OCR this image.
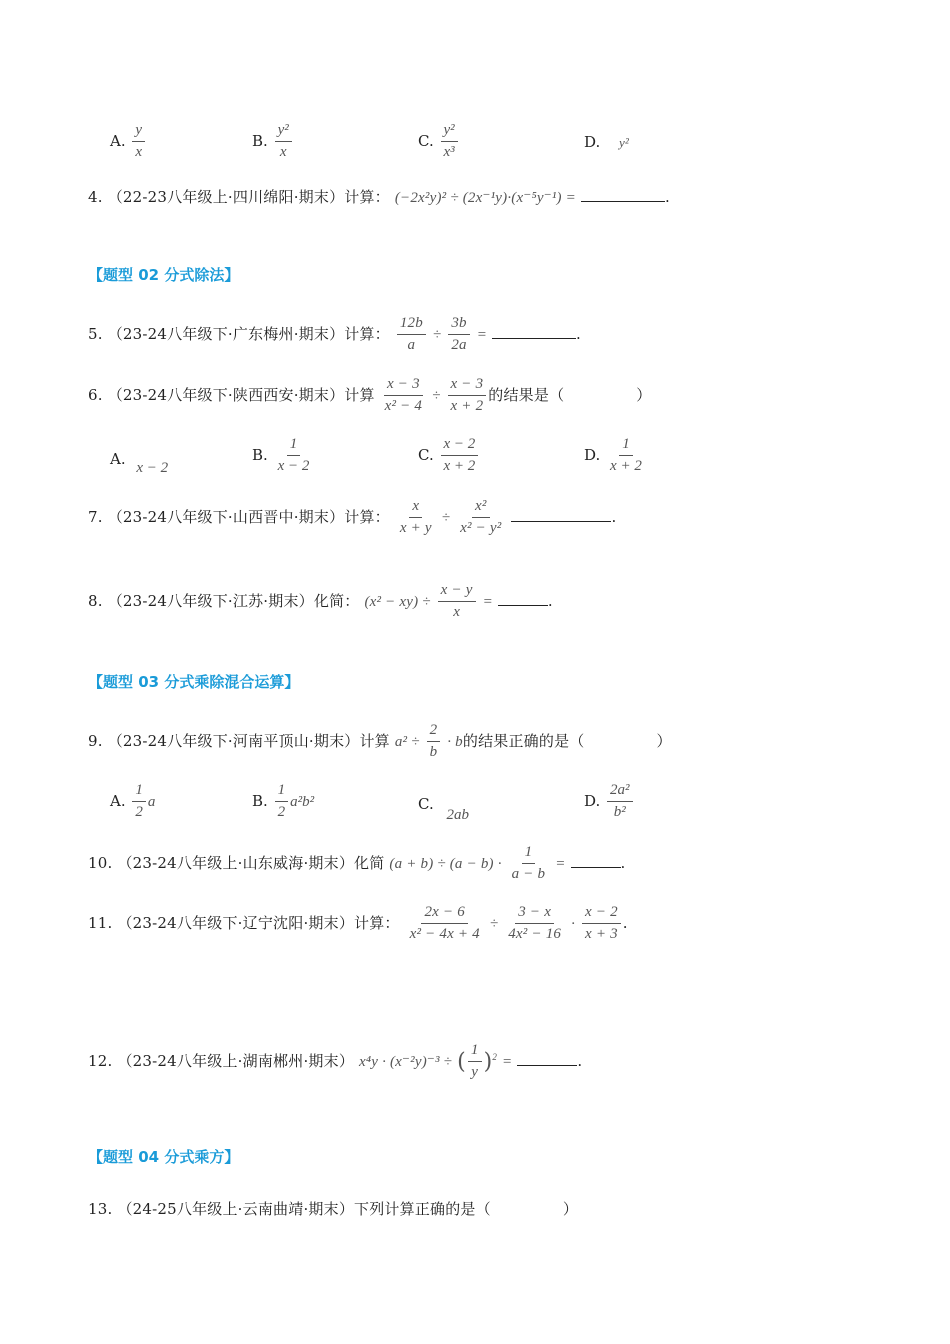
A. $\frac{y}{x}$	B. $\frac{\text{y²}}{x}$	C. $\frac{\text{y²}}{\text{x³}}$	D. y²
4. （22-23八年级上·四川绵阳·期末）计算： (−2x²y)² ÷ (2x⁻¹y)·(x⁻⁵y⁻¹) =	.
【题型 02 分式除法】
5. （23-24八年级下·广东梅州·期末）计算： $\frac{12b}{a} \div \frac{3b}{2a}$ =	.
6. （23-24八年级下·陕西西安·期末）计算 $\frac{x - 3}{\text{x² − 4}} \div \frac{x - 3}{x + 2}$ 的结果是（	）
A. x − 2
B. $\frac{1}{x - 2}$	C. $\frac{x - 2}{x + 2}$	D. $\frac{1}{x + 2}$
7. （23-24八年级下·山西晋中·期末）计算： $\frac{x}{x + y} \div \frac{\text{x²}}{\text{x² − y²}}$	.
8. （23-24八年级下·江苏·期末）化简： $(x^2 - xy) \div \frac{x - y}{x}$ =	.
【题型 03 分式乘除混合运算】
9. （23-24八年级下·河南平顶山·期末）计算 $a^2 \div \frac{2}{b} \cdot b$的结果正确的是（	）
A. $\frac{1}{2}$ a	B. $\frac{1}{2} a^2b^2$	C. 2ab
D. $\frac{\text{2a²}}{\text{b²}}$
10. （23-24八年级上·山东威海·期末）化简 $(a + b) \div (a - b) \cdot \frac{1}{a - b}$ =	.
11. （23-24八年级下·辽宁沈阳·期末）计算： $\frac{2x - 6}{\text{x² − 4x + 4}} \div \frac{3 - x}{\text{4x² − 16}} \cdot \frac{x - 2}{x + 3}$ .
12. （23-24八年级上·湖南郴州·期末） x⁴y · (x⁻²y)⁻³ ÷ ( $\frac{1}{y} )^2$ =	.
【题型 04 分式乘方】
13. （24-25八年级上·云南曲靖·期末）下列计算正确的是（	）
